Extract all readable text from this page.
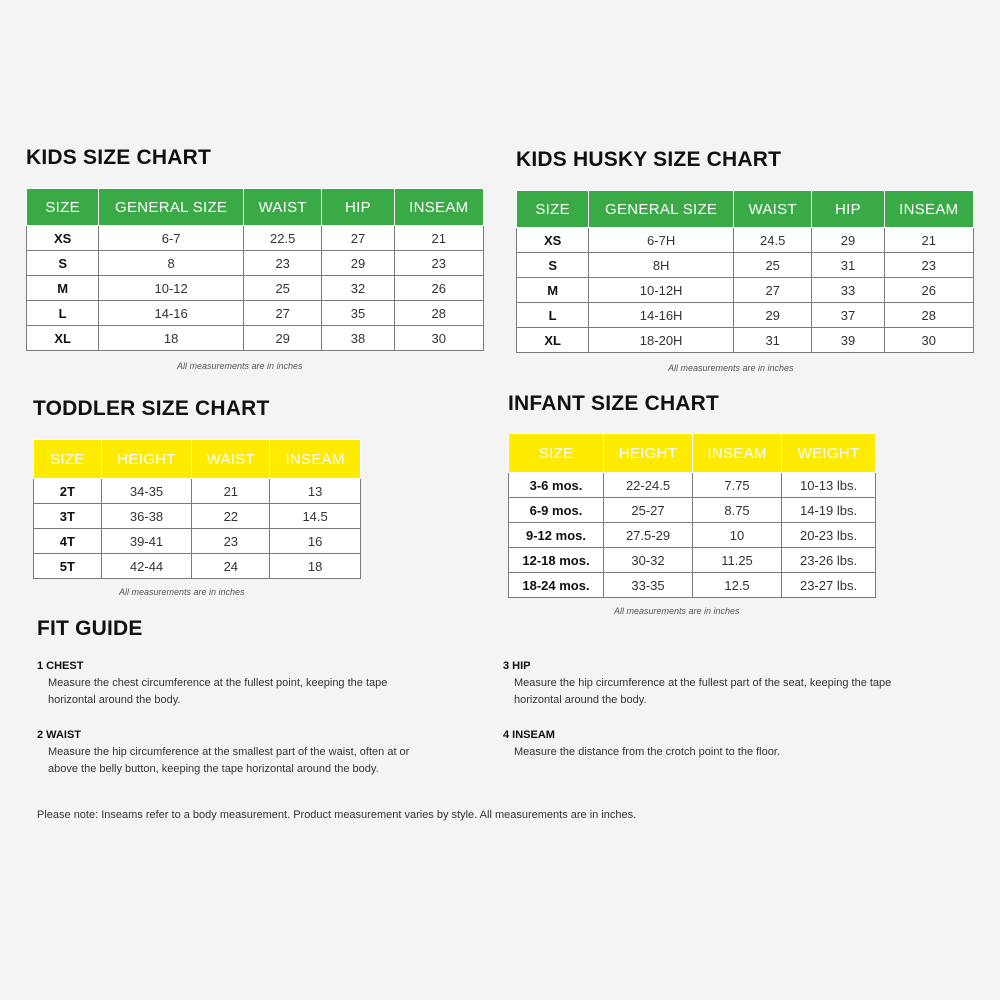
KIDS SIZE CHART
SIZE	GENERAL SIZE	WAIST	HIP	INSEAM
XS	6-7	22.5	27	21
S	8	23	29	23
M	10-12	25	32	26
L	14-16	27	35	28
XL	18	29	38	30

All measurements are in inches

KIDS HUSKY SIZE CHART
SIZE	GENERAL SIZE	WAIST	HIP	INSEAM
XS	6-7H	24.5	29	21
S	8H	25	31	23
M	10-12H	27	33	26
L	14-16H	29	37	28
XL	18-20H	31	39	30

All measurements are in inches

TODDLER SIZE CHART
SIZE	HEIGHT	WAIST	INSEAM
2T	34-35	21	13
3T	36-38	22	14.5
4T	39-41	23	16
5T	42-44	24	18

All measurements are in inches

INFANT SIZE CHART
SIZE	HEIGHT	INSEAM	WEIGHT
3-6 mos.	22-24.5	7.75	10-13 lbs.
6-9 mos.	25-27	8.75	14-19 lbs.
9-12 mos.	27.5-29	10	20-23 lbs.
12-18 mos.	30-32	11.25	23-26 lbs.
18-24 mos.	33-35	12.5	23-27 lbs.

All measurements are in inches

FIT GUIDE
1 CHEST
Measure the chest circumference at the fullest point, keeping the tape
horizontal around the body.
2 WAIST
Measure the hip circumference at the smallest part of the waist, often at or
above the belly button, keeping the tape horizontal around the body.
3 HIP
Measure the hip circumference at the fullest part of the seat, keeping the tape
horizontal around the body.
4 INSEAM
Measure the distance from the crotch point to the floor.

Please note: Inseams refer to a body measurement. Product measurement varies by style. All measurements are in inches.
